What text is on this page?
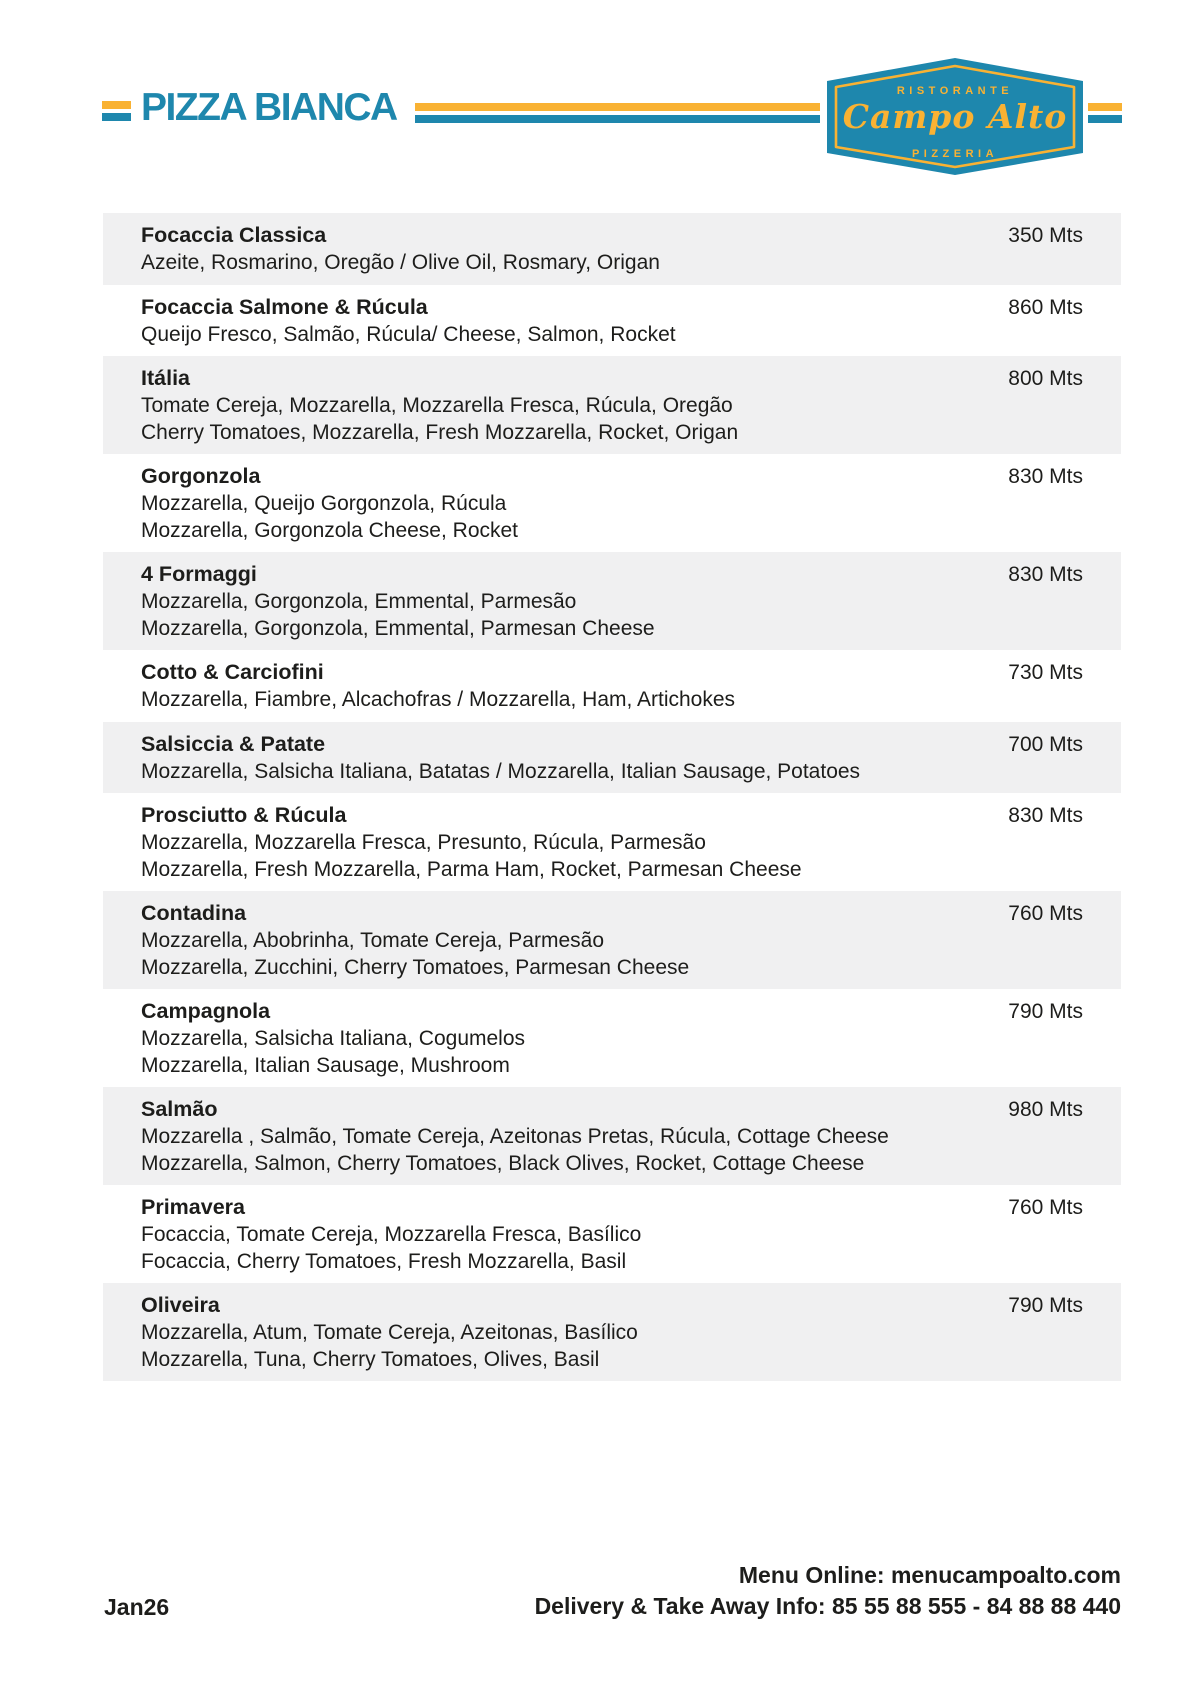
PIZZA BIANCA	RISTORANTE
Campo Alto
PIZZERIA
Focaccia Classica	350 Mts
Azeite, Rosmarino, Oregão / Olive Oil, Rosmary, Origan
Focaccia Salmone & Rúcula	860 Mts
Queijo Fresco, Salmão, Rúcula/ Cheese, Salmon, Rocket
Itália	800 Mts
Tomate Cereja, Mozzarella, Mozzarella Fresca, Rúcula, Oregão
Cherry Tomatoes, Mozzarella, Fresh Mozzarella, Rocket, Origan
Gorgonzola	830 Mts
Mozzarella, Queijo Gorgonzola, Rúcula
Mozzarella, Gorgonzola Cheese, Rocket
4 Formaggi	830 Mts
Mozzarella, Gorgonzola, Emmental, Parmesão
Mozzarella, Gorgonzola, Emmental, Parmesan Cheese
Cotto & Carciofini	730 Mts
Mozzarella, Fiambre, Alcachofras / Mozzarella, Ham, Artichokes
Salsiccia & Patate	700 Mts
Mozzarella, Salsicha Italiana, Batatas / Mozzarella, Italian Sausage, Potatoes
Prosciutto & Rúcula	830 Mts
Mozzarella, Mozzarella Fresca, Presunto, Rúcula, Parmesão
Mozzarella, Fresh Mozzarella, Parma Ham, Rocket, Parmesan Cheese
Contadina	760 Mts
Mozzarella, Abobrinha, Tomate Cereja, Parmesão
Mozzarella, Zucchini, Cherry Tomatoes, Parmesan Cheese
Campagnola	790 Mts
Mozzarella, Salsicha Italiana, Cogumelos
Mozzarella, Italian Sausage, Mushroom
Salmão	980 Mts
Mozzarella , Salmão, Tomate Cereja, Azeitonas Pretas, Rúcula, Cottage Cheese
Mozzarella, Salmon, Cherry Tomatoes, Black Olives, Rocket, Cottage Cheese
Primavera	760 Mts
Focaccia, Tomate Cereja, Mozzarella Fresca, Basílico
Focaccia, Cherry Tomatoes, Fresh Mozzarella, Basil
Oliveira	790 Mts
Mozzarella, Atum, Tomate Cereja, Azeitonas, Basílico
Mozzarella, Tuna, Cherry Tomatoes, Olives, Basil
Jan26
Menu Online: menucampoalto.com
Delivery & Take Away Info: 85 55 88 555 - 84 88 88 440
